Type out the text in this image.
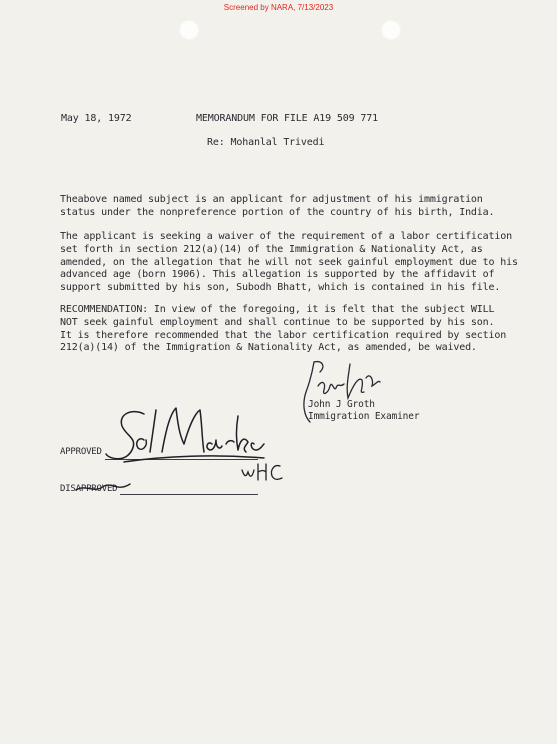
Screened by NARA, 7/13/2023
May 18, 1972	MEMORANDUM FOR FILE A19 509 771
Re: Mohanlal Trivedi
Theabove named subject is an applicant for adjustment of his immigration
status under the nonpreference portion of the country of his birth, India.
The applicant is seeking a waiver of the requirement of a labor certification
set forth in section 212(a)(14) of the Immigration & Nationality Act, as
amended, on the allegation that he will not seek gainful employment due to his
advanced age (born 1906). This allegation is supported by the affidavit of
support submitted by his son, Subodh Bhatt, which is contained in his file.
RECOMMENDATION: In view of the foregoing, it is felt that the subject WILL
NOT seek gainful employment and shall continue to be supported by his son.
It is therefore recommended that the labor certification required by section
212(a)(14) of the Immigration & Nationality Act, as amended, be waived.
John J Groth
Immigration Examiner
APPROVED
DISAPPROVED
